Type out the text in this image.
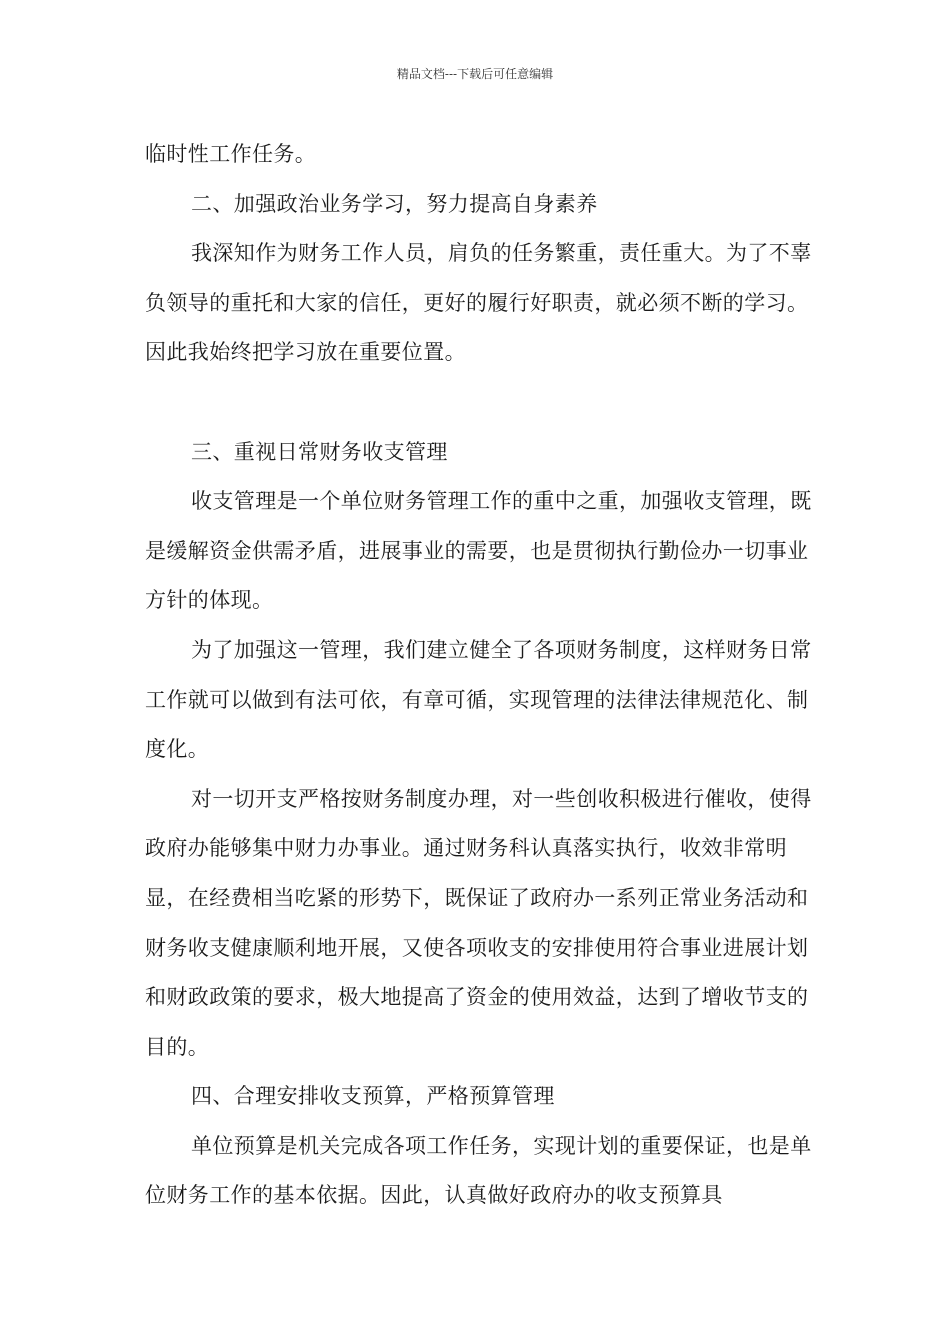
精品文档---下载后可任意编辑

临时性工作任务。

二、加强政治业务学习，努力提高自身素养

我深知作为财务工作人员，肩负的任务繁重，责任重大。为了不辜负领导的重托和大家的信任，更好的履行好职责，就必须不断的学习。因此我始终把学习放在重要位置。

三、重视日常财务收支管理

收支管理是一个单位财务管理工作的重中之重，加强收支管理，既是缓解资金供需矛盾，进展事业的需要，也是贯彻执行勤俭办一切事业方针的体现。

为了加强这一管理，我们建立健全了各项财务制度，这样财务日常工作就可以做到有法可依，有章可循，实现管理的法律法律规范化、制度化。

对一切开支严格按财务制度办理，对一些创收积极进行催收，使得政府办能够集中财力办事业。通过财务科认真落实执行，收效非常明显，在经费相当吃紧的形势下，既保证了政府办一系列正常业务活动和财务收支健康顺利地开展，又使各项收支的安排使用符合事业进展计划和财政政策的要求，极大地提高了资金的使用效益，达到了增收节支的目的。

四、合理安排收支预算，严格预算管理

单位预算是机关完成各项工作任务，实现计划的重要保证，也是单位财务工作的基本依据。因此，认真做好政府办的收支预算具
